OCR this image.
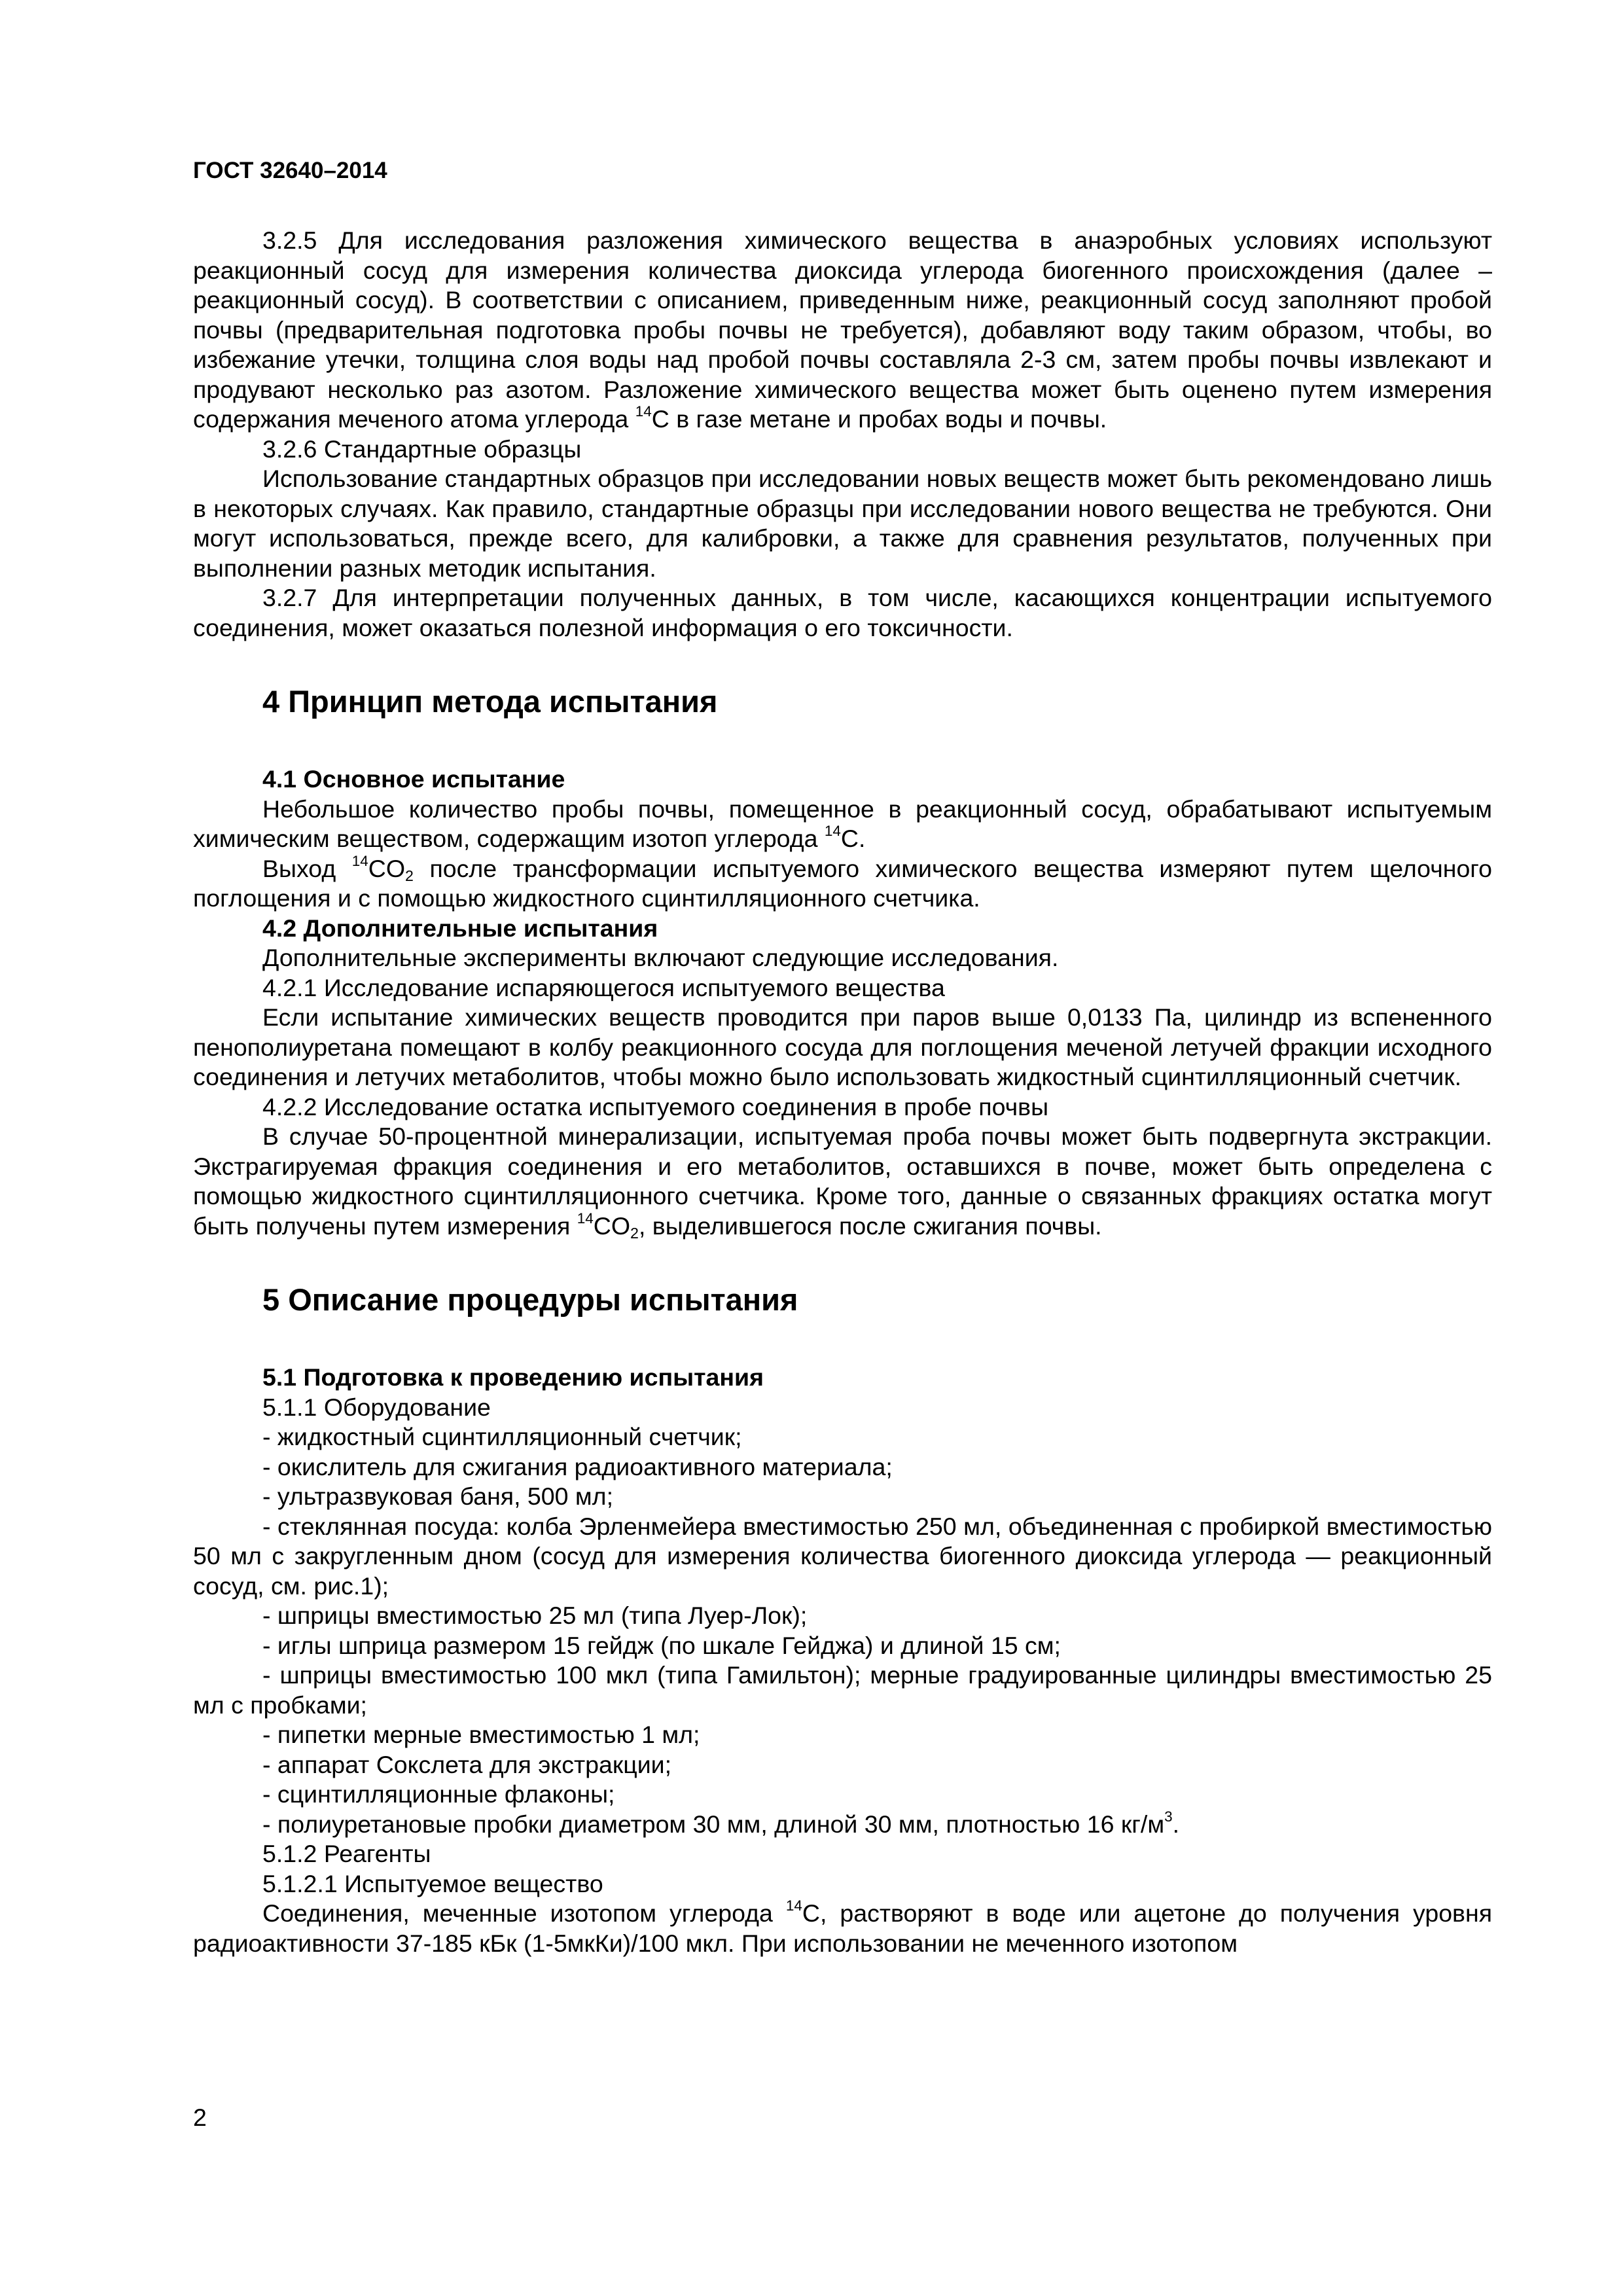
ГОСТ 32640–2014

3.2.5 Для исследования разложения химического вещества в анаэробных условиях используют реакционный сосуд для измерения количества диоксида углерода биогенного происхождения (далее – реакционный сосуд). В соответствии с описанием, приведенным ниже, реакционный сосуд заполняют пробой почвы (предварительная подготовка пробы почвы не требуется), добавляют воду таким образом, чтобы, во избежание утечки, толщина слоя воды над пробой почвы составляла 2-3 см, затем пробы почвы извлекают и продувают несколько раз азотом. Разложение химического вещества может быть оценено путем измерения содержания меченого атома углерода $^{14}$С в газе метане и пробах воды и почвы.

3.2.6 Стандартные образцы

Использование стандартных образцов при исследовании новых веществ может быть рекомендовано лишь в некоторых случаях. Как правило, стандартные образцы при исследовании нового вещества не требуются. Они могут использоваться, прежде всего, для калибровки, а также для сравнения результатов, полученных при выполнении разных методик испытания.

3.2.7 Для интерпретации полученных данных, в том числе, касающихся концентрации испытуемого соединения, может оказаться полезной информация о его токсичности.

4 Принцип метода испытания

4.1 Основное испытание

Небольшое количество пробы почвы, помещенное в реакционный сосуд, обрабатывают испытуемым химическим веществом, содержащим изотоп углерода $^{14}$С.

Выход $^{14}CO_2$ после трансформации испытуемого химического вещества измеряют путем щелочного поглощения и с помощью жидкостного сцинтилляционного счетчика.

4.2 Дополнительные испытания

Дополнительные эксперименты включают следующие исследования.

4.2.1 Исследование испаряющегося испытуемого вещества

Если испытание химических веществ проводится при паров выше 0,0133 Па, цилиндр из вспененного пенополиуретана помещают в колбу реакционного сосуда для поглощения меченой летучей фракции исходного соединения и летучих метаболитов, чтобы можно было использовать жидкостный сцинтилляционный счетчик.

4.2.2 Исследование остатка испытуемого соединения в пробе почвы

В случае 50-процентной минерализации, испытуемая проба почвы может быть подвергнута экстракции. Экстрагируемая фракция соединения и его метаболитов, оставшихся в почве, может быть определена с помощью жидкостного сцинтилляционного счетчика. Кроме того, данные о связанных фракциях остатка могут быть получены путем измерения $^{14}CO_2$, выделившегося после сжигания почвы.

5 Описание процедуры испытания

5.1 Подготовка к проведению испытания

5.1.1 Оборудование

- жидкостный сцинтилляционный счетчик;

- окислитель для сжигания радиоактивного материала;

- ультразвуковая баня, 500 мл;

- стеклянная посуда: колба Эрленмейера вместимостью 250 мл, объединенная с пробиркой вместимостью 50 мл с закругленным дном (сосуд для измерения количества биогенного диоксида углерода — реакционный сосуд, см. рис.1);

- шприцы вместимостью 25 мл (типа Луер-Лок);

- иглы шприца размером 15 гейдж (по шкале Гейджа) и длиной 15 см;

- шприцы вместимостью 100 мкл (типа Гамильтон); мерные градуированные цилиндры вместимостью 25 мл с пробками;

- пипетки мерные вместимостью 1 мл;

- аппарат Сокслета для экстракции;

- сцинтилляционные флаконы;

- полиуретановые пробки диаметром 30 мм, длиной 30 мм, плотностью 16 $кг/м^3$.

5.1.2 Реагенты

5.1.2.1 Испытуемое вещество

Соединения, меченные изотопом углерода $^{14}$С, растворяют в воде или ацетоне до получения уровня радиоактивности 37-185 кБк (1-5мкКи)/100 мкл. При использовании не меченного изотопом

2
